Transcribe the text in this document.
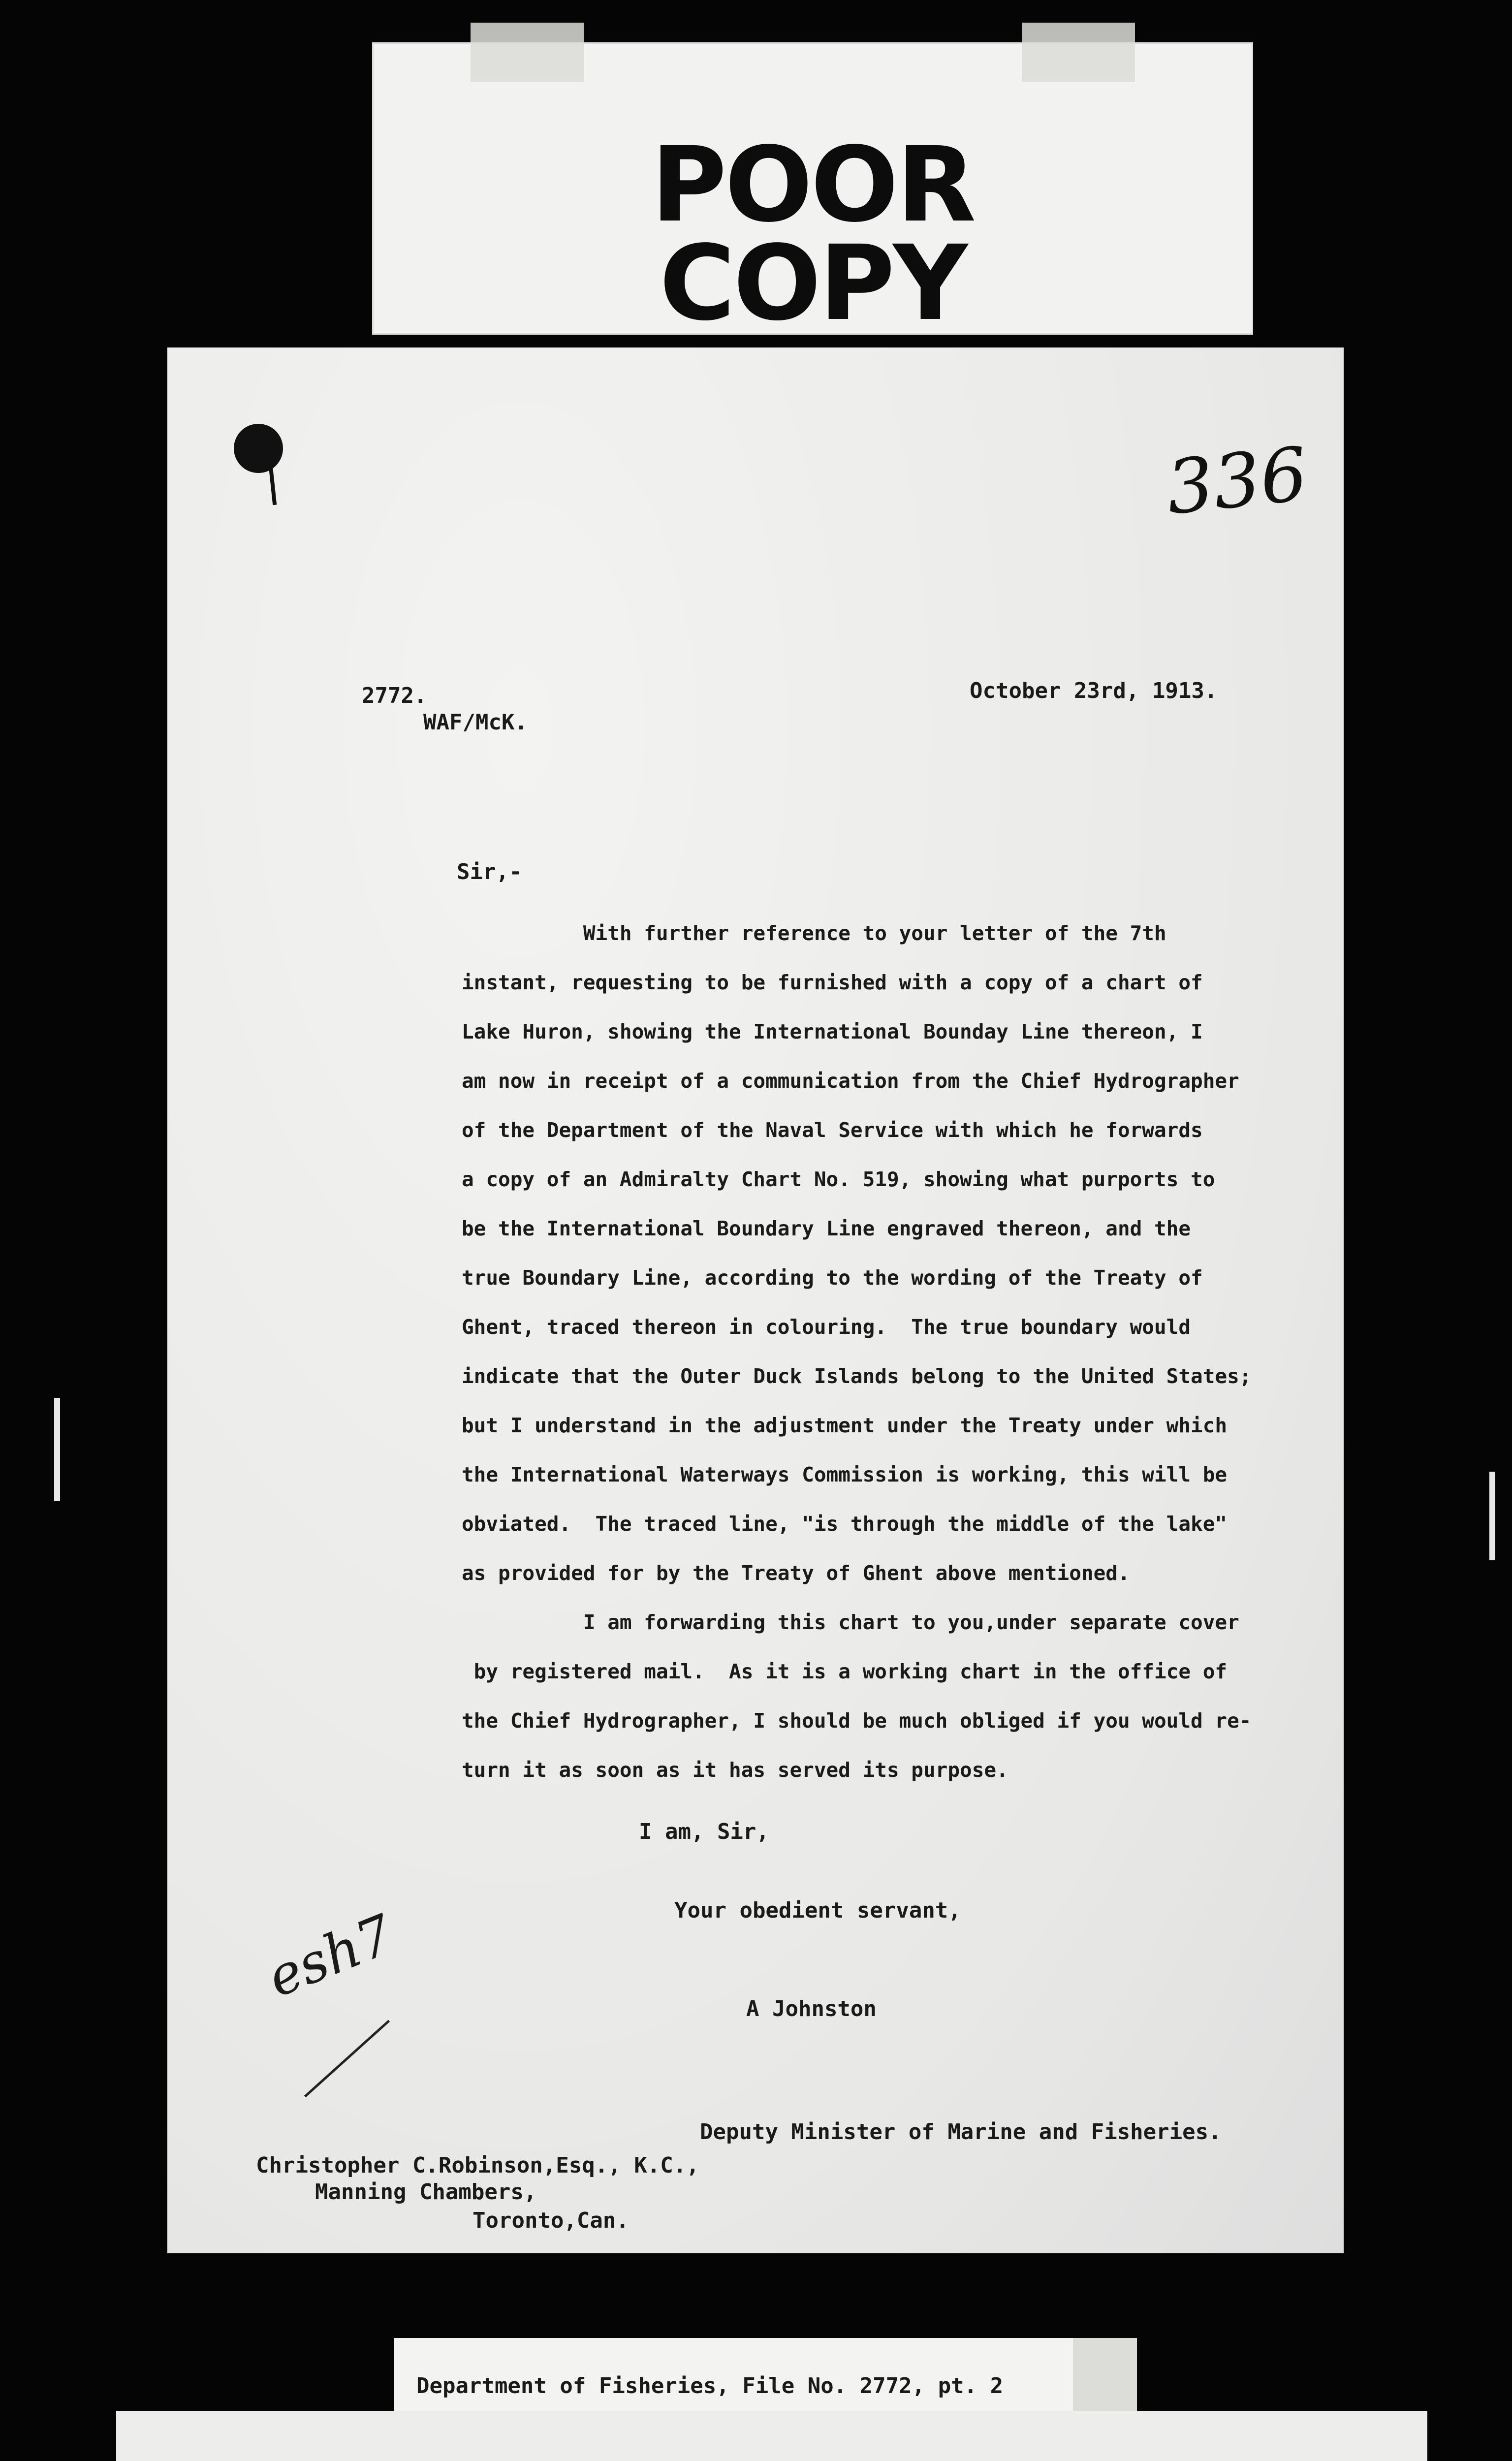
POOR
COPY
336
2772.
WAF/McK.
October 23rd, 1913.
Sir,-
With further reference to your letter of the 7th
instant, requesting to be furnished with a copy of a chart of
Lake Huron, showing the International Bounday Line thereon, I
am now in receipt of a communication from the Chief Hydrographer
of the Department of the Naval Service with which he forwards
a copy of an Admiralty Chart No. 519, showing what purports to
be the International Boundary Line engraved thereon, and the
true Boundary Line, according to the wording of the Treaty of
Ghent, traced thereon in colouring.  The true boundary would
indicate that the Outer Duck Islands belong to the United States;
but I understand in the adjustment under the Treaty under which
the International Waterways Commission is working, this will be
obviated.  The traced line, "is through the middle of the lake"
as provided for by the Treaty of Ghent above mentioned.
I am forwarding this chart to you,under separate cover
by registered mail.  As it is a working chart in the office of
the Chief Hydrographer, I should be much obliged if you would re-
turn it as soon as it has served its purpose.
I am, Sir,
Your obedient servant,
A Johnston
Deputy Minister of Marine and Fisheries.
Christopher C.Robinson,Esq., K.C.,
Manning Chambers,
Toronto,Can.
esh7
Department of Fisheries, File No. 2772, pt. 2
